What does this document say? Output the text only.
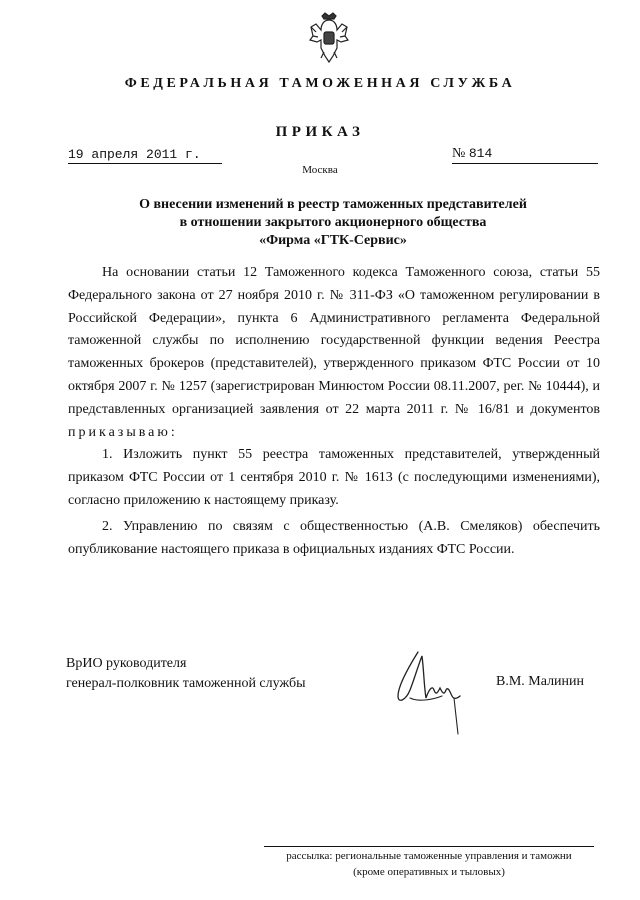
ФЕДЕРАЛЬНАЯ ТАМОЖЕННАЯ СЛУЖБА
ПРИКАЗ
19 апреля 2011 г.	№ 814
Москва
О внесении изменений в реестр таможенных представителей
в отношении закрытого акционерного общества
«Фирма «ГТК-Сервис»

На основании статьи 12 Таможенного кодекса Таможенного союза, статьи 55 Федерального закона от 27 ноября 2010 г. № 311-ФЗ «О таможенном регулировании в Российской Федерации», пункта 6 Административного регламента Федеральной таможенной службы по исполнению государственной функции ведения Реестра таможенных брокеров (представителей), утвержденного приказом ФТС России от 10 октября 2007 г. № 1257 (зарегистрирован Минюстом России 08.11.2007, рег. № 10444), и представленных организацией заявления от 22 марта 2011 г. № 16/81 и документов приказываю:

1. Изложить пункт 55 реестра таможенных представителей, утвержденный приказом ФТС России от 1 сентября 2010 г. № 1613 (с последующими изменениями), согласно приложению к настоящему приказу.

2. Управлению по связям с общественностью (А.В. Смеляков) обеспечить опубликование настоящего приказа в официальных изданиях ФТС России.

ВрИО руководителя
генерал-полковник таможенной службы	В.М. Малинин
рассылка: региональные таможенные управления и таможни
(кроме оперативных и тыловых)
